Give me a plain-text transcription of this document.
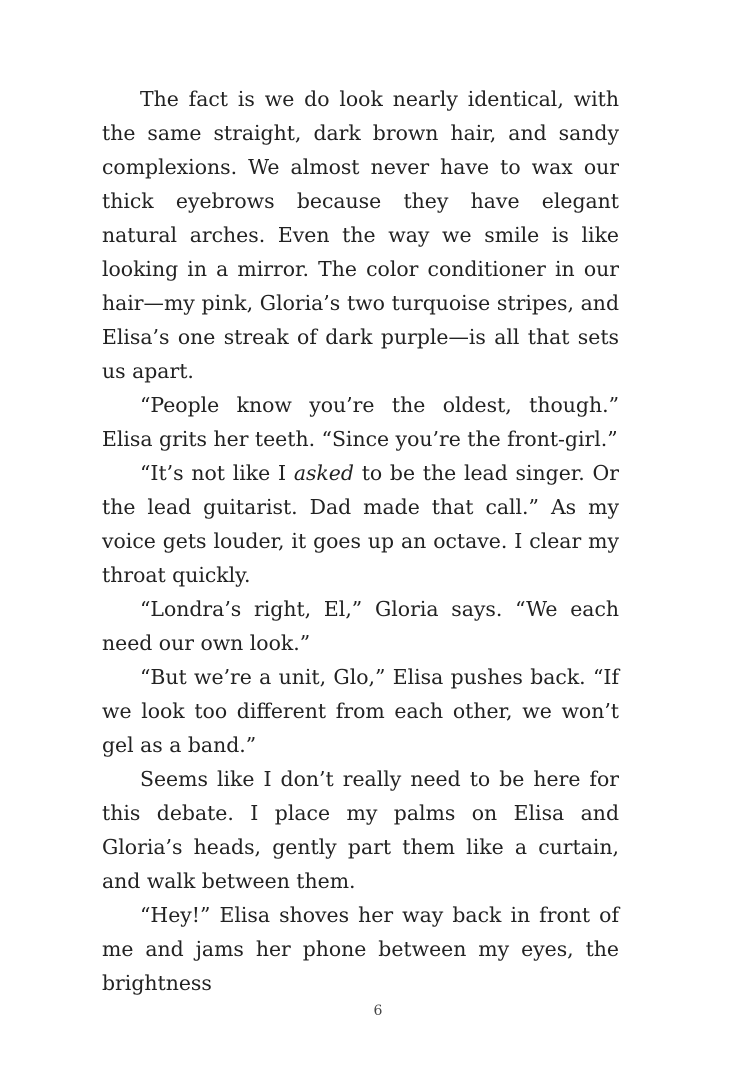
The fact is we do look nearly identical, with the same straight, dark brown hair, and sandy complexions. We almost never have to wax our thick eyebrows because they have elegant natural arches. Even the way we smile is like looking in a mirror. The color conditioner in our hair—my pink, Gloria’s two turquoise stripes, and Elisa’s one streak of dark purple—is all that sets us apart.

“People know you’re the oldest, though.” Elisa grits her teeth. “Since you’re the front-girl.”

“It’s not like I asked to be the lead singer. Or the lead guitarist. Dad made that call.” As my voice gets louder, it goes up an octave. I clear my throat quickly.

“Londra’s right, El,” Gloria says. “We each need our own look.”

“But we’re a unit, Glo,” Elisa pushes back. “If we look too different from each other, we won’t gel as a band.”

Seems like I don’t really need to be here for this debate. I place my palms on Elisa and Gloria’s heads, gently part them like a curtain, and walk between them.

“Hey!” Elisa shoves her way back in front of me and jams her phone between my eyes, the brightness

6
